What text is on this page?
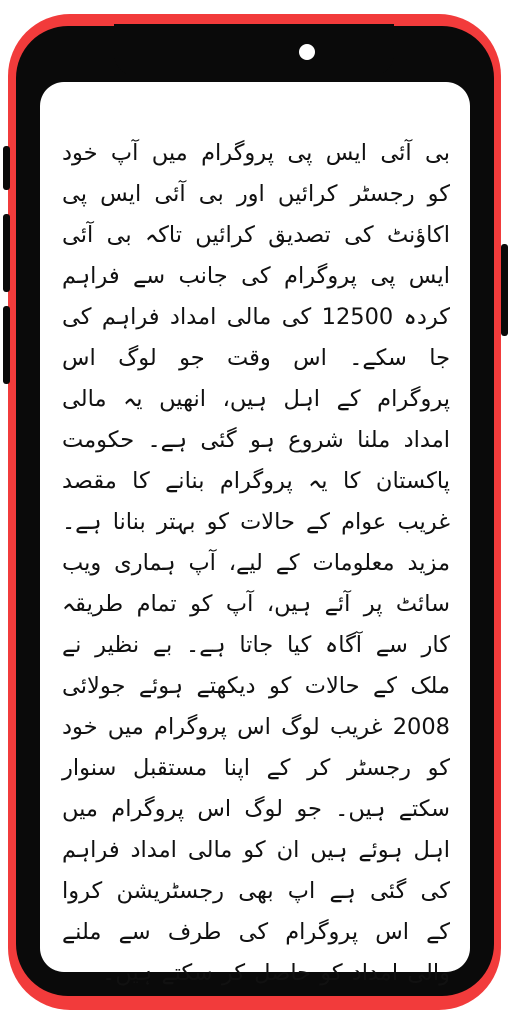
بی آئی ایس پی پروگرام میں آپ خود کو رجسٹر کرائیں اور بی آئی ایس پی اکاؤنٹ کی تصدیق کرائیں تاکہ بی آئی ایس پی پروگرام کی جانب سے فراہم کردہ 12500 کی مالی امداد فراہم کی جا سکے۔ اس وقت جو لوگ اس پروگرام کے اہل ہیں، انھیں یہ مالی امداد ملنا شروع ہو گئی ہے۔ حکومت پاکستان کا یہ پروگرام بنانے کا مقصد غریب عوام کے حالات کو بہتر بنانا ہے۔ مزید معلومات کے لیے، آپ ہماری ویب سائٹ پر آئے ہیں، آپ کو تمام طریقہ کار سے آگاہ کیا جاتا ہے۔ بے نظیر نے ملک کے حالات کو دیکھتے ہوئے جولائی 2008 غریب لوگ اس پروگرام میں خود کو رجسٹر کر کے اپنا مستقبل سنوار سکتے ہیں۔ جو لوگ اس پروگرام میں اہل ہوئے ہیں ان کو مالی امداد فراہم کی گئی ہے اپ بھی رجسٹریشن کروا کے اس پروگرام کی طرف سے ملنے والی امداد کو حاصل کر سکتے ہیں۔
